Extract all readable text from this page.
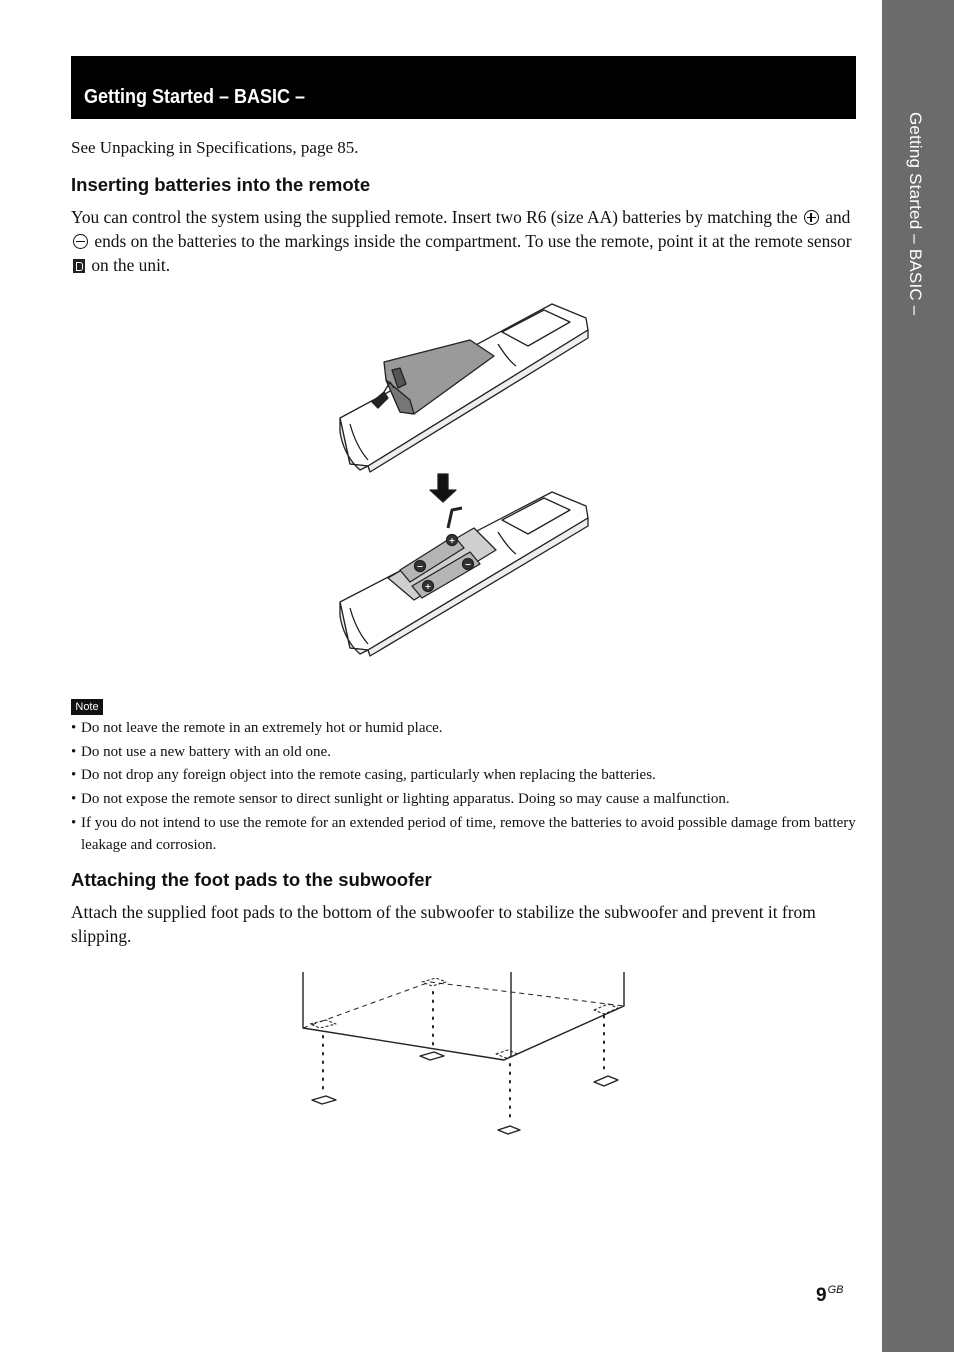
Getting Started – BASIC –
Getting Started – BASIC –
See Unpacking in Specifications, page 85.
Inserting batteries into the remote
You can control the system using the supplied remote. Insert two R6 (size AA) batteries by matching the  and  ends on the batteries to the markings inside the compartment. To use the remote, point it at the remote sensor  on the unit.
+
−	−
+
Note
• Do not leave the remote in an extremely hot or humid place.
• Do not use a new battery with an old one.
• Do not drop any foreign object into the remote casing, particularly when replacing the batteries.
• Do not expose the remote sensor to direct sunlight or lighting apparatus. Doing so may cause a malfunction.
• If you do not intend to use the remote for an extended period of time, remove the batteries to avoid possible damage from battery leakage and corrosion.
Attaching the foot pads to the subwoofer
Attach the supplied foot pads to the bottom of the subwoofer to stabilize the subwoofer and prevent it from slipping.
$9^{GB}$
